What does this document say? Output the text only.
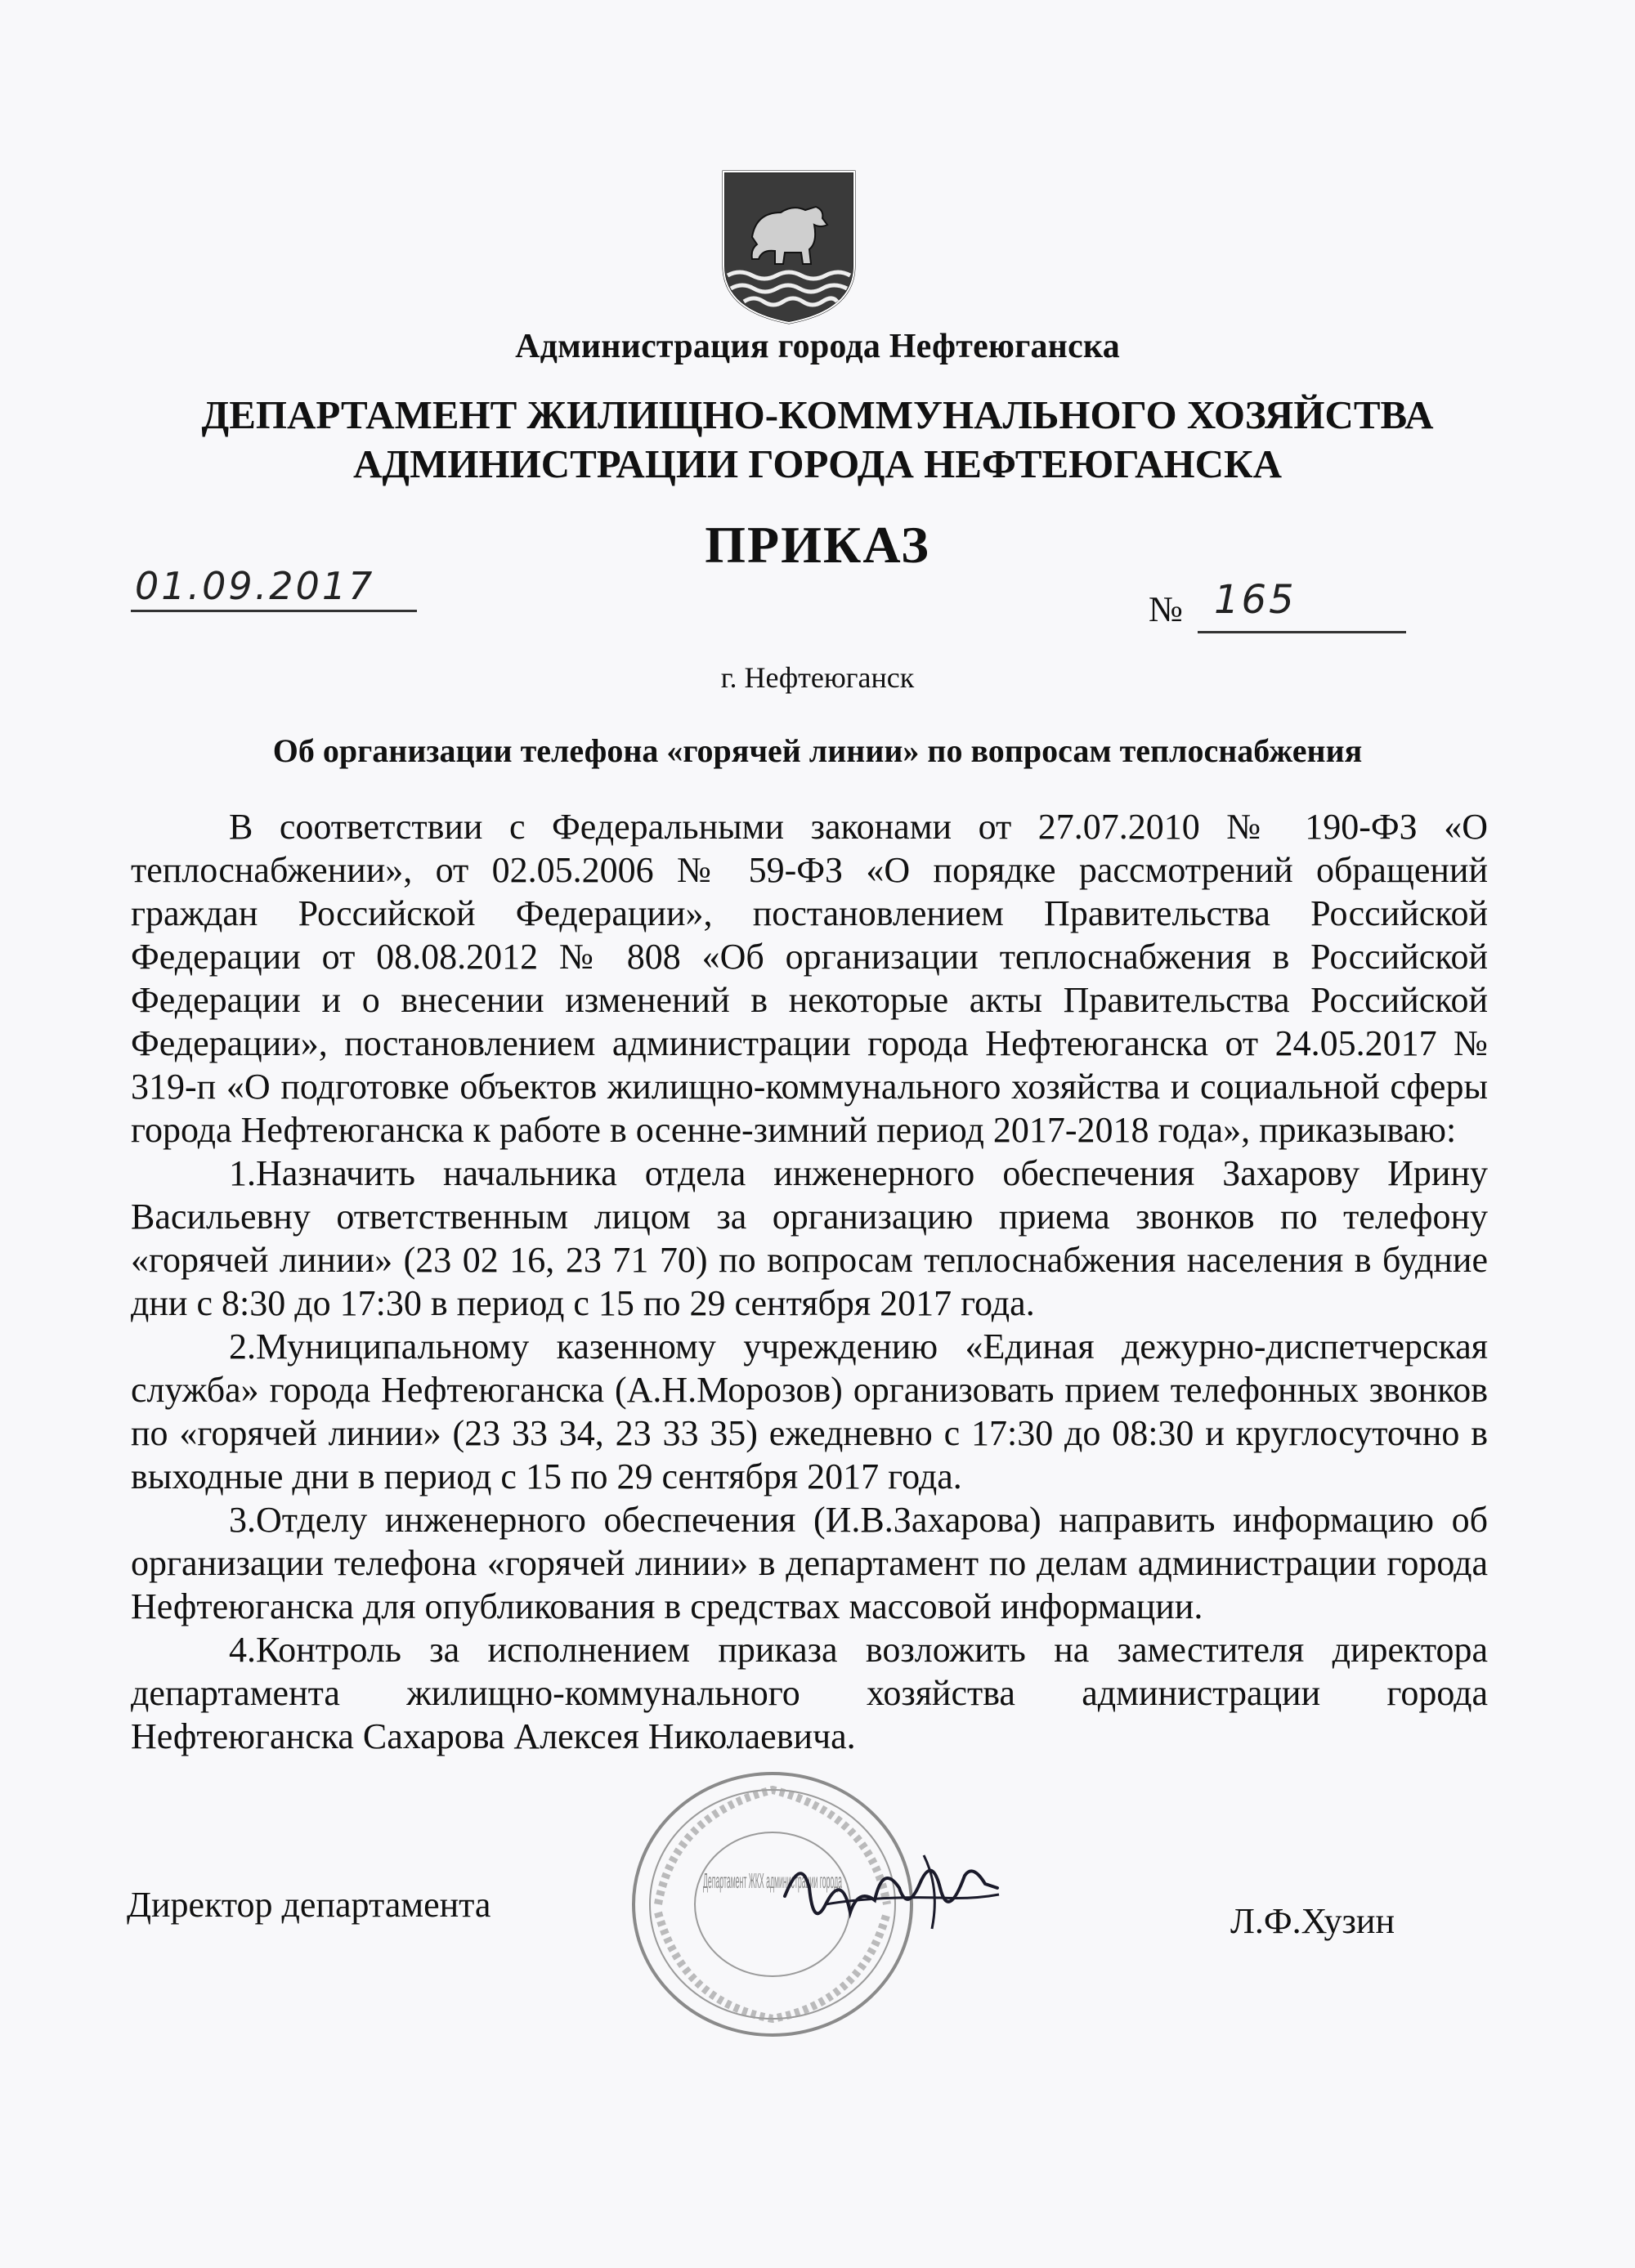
Администрация города Нефтеюганска
ДЕПАРТАМЕНТ ЖИЛИЩНО-КОММУНАЛЬНОГО ХОЗЯЙСТВА
АДМИНИСТРАЦИИ ГОРОДА НЕФТЕЮГАНСКА
ПРИКАЗ
01.09.2017
№ 165
г. Нефтеюганск
Об организации телефона «горячей линии» по вопросам теплоснабжения

В соответствии с Федеральными законами от 27.07.2010 № 190-ФЗ «О теплоснабжении», от 02.05.2006 № 59-ФЗ «О порядке рассмотрений обращений граждан Российской Федерации», постановлением Правительства Российской Федерации от 08.08.2012 № 808 «Об организации теплоснабжения в Российской Федерации и о внесении изменений в некоторые акты Правительства Российской Федерации», постановлением администрации города Нефтеюганска от 24.05.2017 № 319-п «О подготовке объектов жилищно-коммунального хозяйства и социальной сферы города Нефтеюганска к работе в осенне-зимний период 2017-2018 года», приказываю:

1.Назначить начальника отдела инженерного обеспечения Захарову Ирину Васильевну ответственным лицом за организацию приема звонков по телефону «горячей линии» (23 02 16, 23 71 70) по вопросам теплоснабжения населения в будние дни с 8:30 до 17:30 в период с 15 по 29 сентября 2017 года.

2.Муниципальному казенному учреждению «Единая дежурно-диспетчерская служба» города Нефтеюганска (А.Н.Морозов) организовать прием телефонных звонков по «горячей линии» (23 33 34, 23 33 35) ежедневно с 17:30 до 08:30 и круглосуточно в выходные дни в период с 15 по 29 сентября 2017 года.

3.Отделу инженерного обеспечения (И.В.Захарова) направить информацию об организации телефона «горячей линии» в департамент по делам администрации города Нефтеюганска для опубликования в средствах массовой информации.

4.Контроль за исполнением приказа возложить на заместителя директора департамента жилищно-коммунального хозяйства администрации города Нефтеюганска Сахарова Алексея Николаевича.

Департамент ЖКХ администрации города
Директор департамента	Л.Ф.Хузин
